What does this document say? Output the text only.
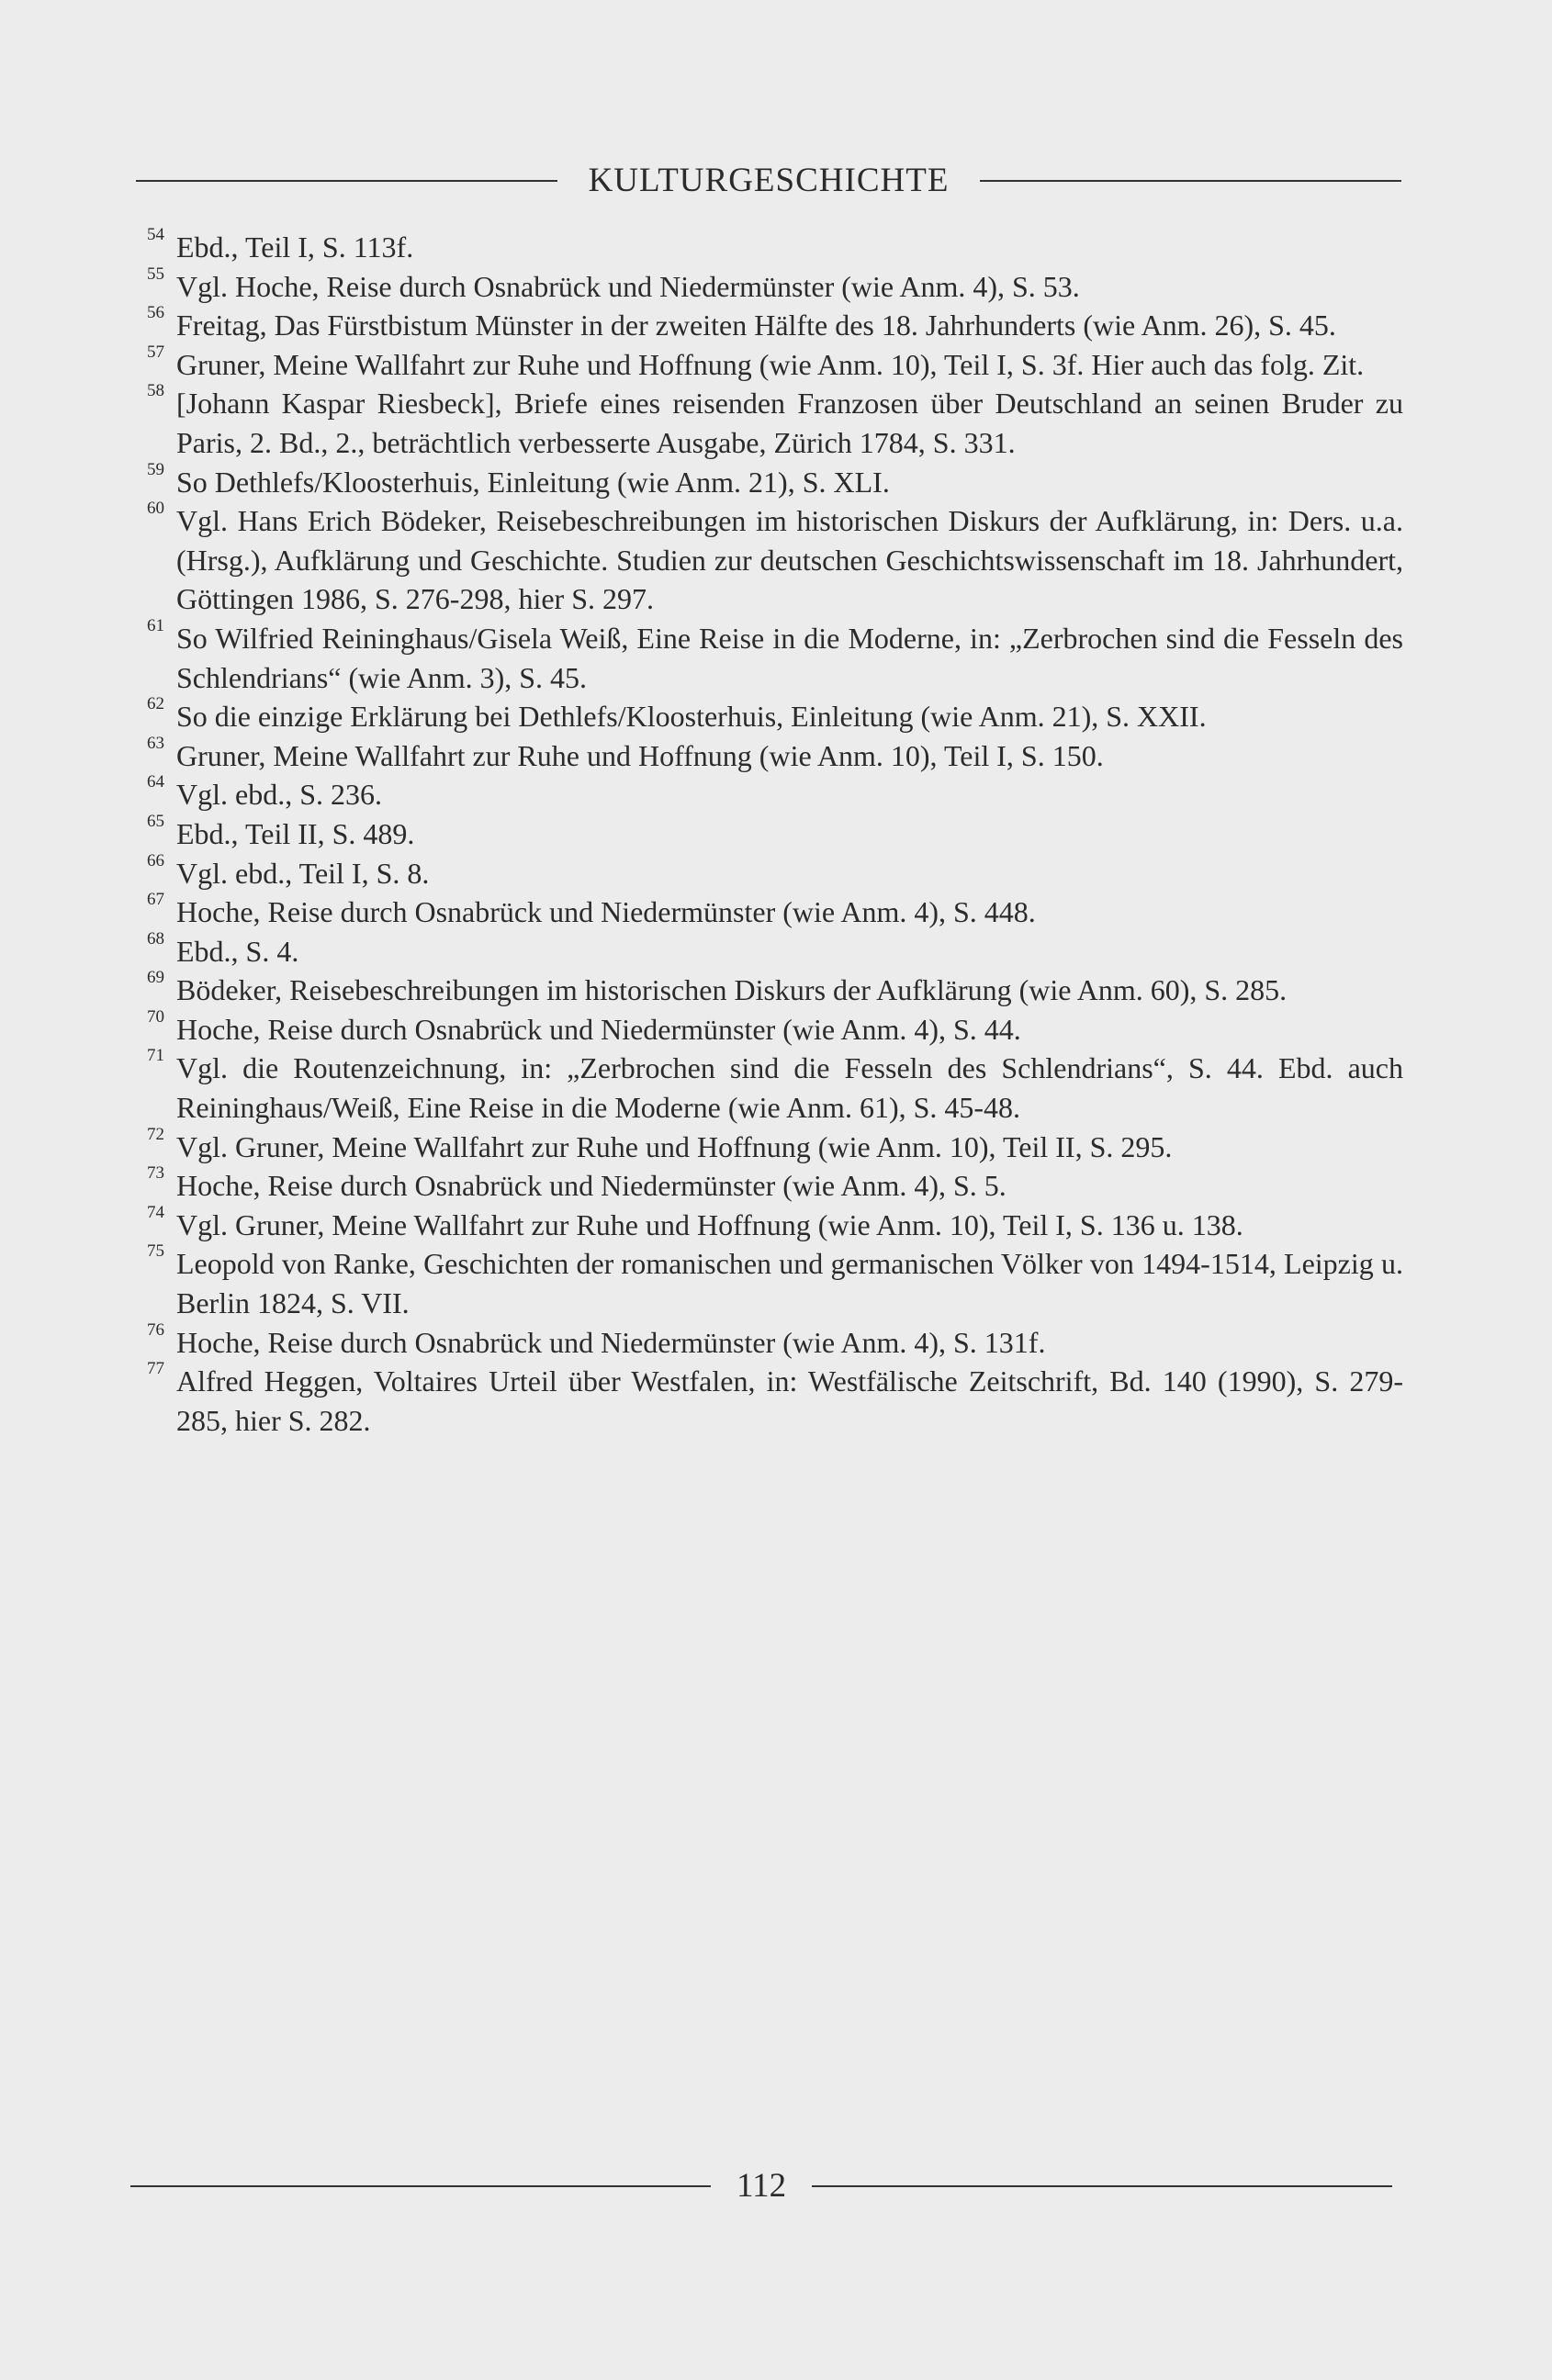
KULTURGESCHICHTE
54 Ebd., Teil I, S. 113f.
55 Vgl. Hoche, Reise durch Osnabrück und Niedermünster (wie Anm. 4), S. 53.
56 Freitag, Das Fürstbistum Münster in der zweiten Hälfte des 18. Jahrhunderts (wie Anm. 26), S. 45.
57 Gruner, Meine Wallfahrt zur Ruhe und Hoffnung (wie Anm. 10), Teil I, S. 3f. Hier auch das folg. Zit.
58 [Johann Kaspar Riesbeck], Briefe eines reisenden Franzosen über Deutschland an seinen Bruder zu Paris, 2. Bd., 2., beträchtlich verbesserte Ausgabe, Zürich 1784, S. 331.
59 So Dethlefs/Kloosterhuis, Einleitung (wie Anm. 21), S. XLI.
60 Vgl. Hans Erich Bödeker, Reisebeschreibungen im historischen Diskurs der Aufklärung, in: Ders. u.a. (Hrsg.), Aufklärung und Geschichte. Studien zur deutschen Geschichtswissenschaft im 18. Jahrhundert, Göttingen 1986, S. 276-298, hier S. 297.
61 So Wilfried Reininghaus/Gisela Weiß, Eine Reise in die Moderne, in: „Zerbrochen sind die Fesseln des Schlendrians“ (wie Anm. 3), S. 45.
62 So die einzige Erklärung bei Dethlefs/Kloosterhuis, Einleitung (wie Anm. 21), S. XXII.
63 Gruner, Meine Wallfahrt zur Ruhe und Hoffnung (wie Anm. 10), Teil I, S. 150.
64 Vgl. ebd., S. 236.
65 Ebd., Teil II, S. 489.
66 Vgl. ebd., Teil I, S. 8.
67 Hoche, Reise durch Osnabrück und Niedermünster (wie Anm. 4), S. 448.
68 Ebd., S. 4.
69 Bödeker, Reisebeschreibungen im historischen Diskurs der Aufklärung (wie Anm. 60), S. 285.
70 Hoche, Reise durch Osnabrück und Niedermünster (wie Anm. 4), S. 44.
71 Vgl. die Routenzeichnung, in: „Zerbrochen sind die Fesseln des Schlendrians“, S. 44. Ebd. auch Reininghaus/Weiß, Eine Reise in die Moderne (wie Anm. 61), S. 45-48.
72 Vgl. Gruner, Meine Wallfahrt zur Ruhe und Hoffnung (wie Anm. 10), Teil II, S. 295.
73 Hoche, Reise durch Osnabrück und Niedermünster (wie Anm. 4), S. 5.
74 Vgl. Gruner, Meine Wallfahrt zur Ruhe und Hoffnung (wie Anm. 10), Teil I, S. 136 u. 138.
75 Leopold von Ranke, Geschichten der romanischen und germanischen Völker von 1494-1514, Leipzig u. Berlin 1824, S. VII.
76 Hoche, Reise durch Osnabrück und Niedermünster (wie Anm. 4), S. 131f.
77 Alfred Heggen, Voltaires Urteil über Westfalen, in: Westfälische Zeitschrift, Bd. 140 (1990), S. 279-285, hier S. 282.
112
